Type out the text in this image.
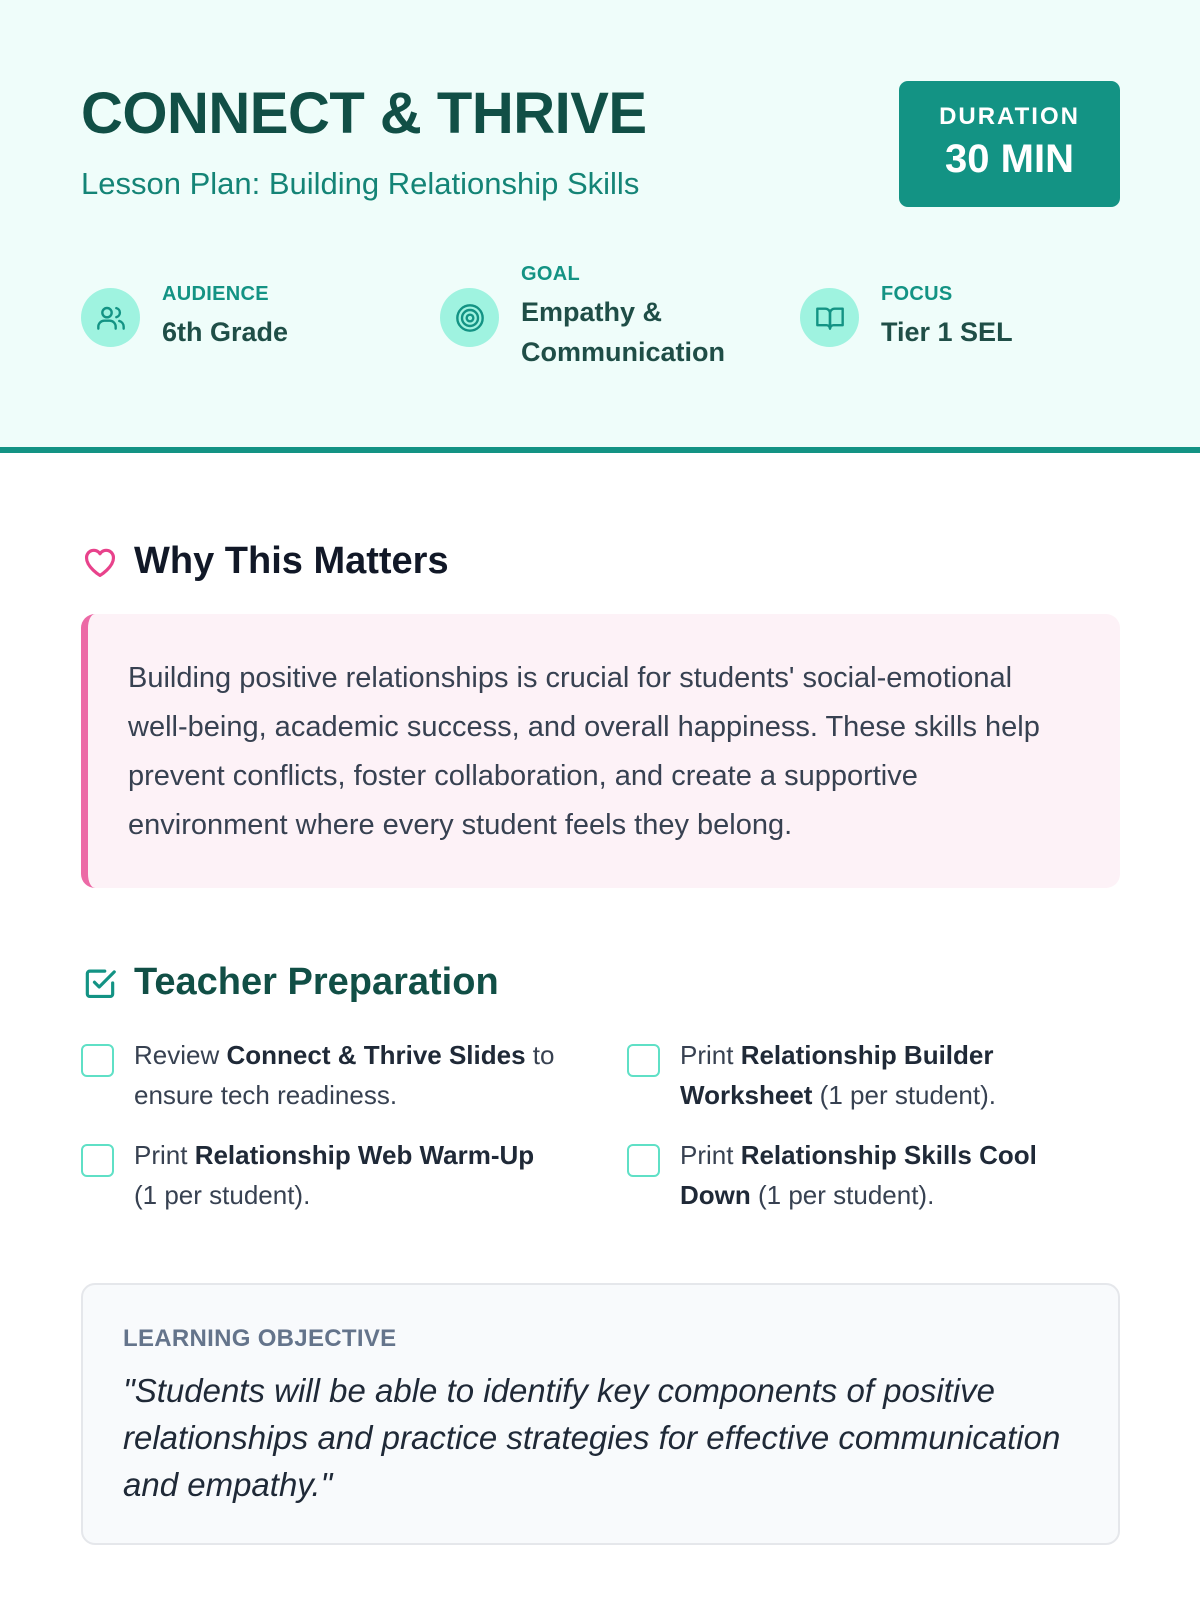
CONNECT & THRIVE
Lesson Plan: Building Relationship Skills
DURATION
30 MIN
AUDIENCE
6th Grade
GOAL
Empathy &
Communication
FOCUS
Tier 1 SEL
Why This Matters

Building positive relationships is crucial for students' social-emotional well-being, academic success, and overall happiness. These skills help prevent conflicts, foster collaboration, and create a supportive environment where every student feels they belong.

Teacher Preparation
Review Connect & Thrive Slides to ensure tech readiness.
Print Relationship Builder Worksheet (1 per student).
Print Relationship Web Warm-Up (1 per student).
Print Relationship Skills Cool Down (1 per student).
LEARNING OBJECTIVE
"Students will be able to identify key components of positive relationships and practice strategies for effective communication and empathy."
